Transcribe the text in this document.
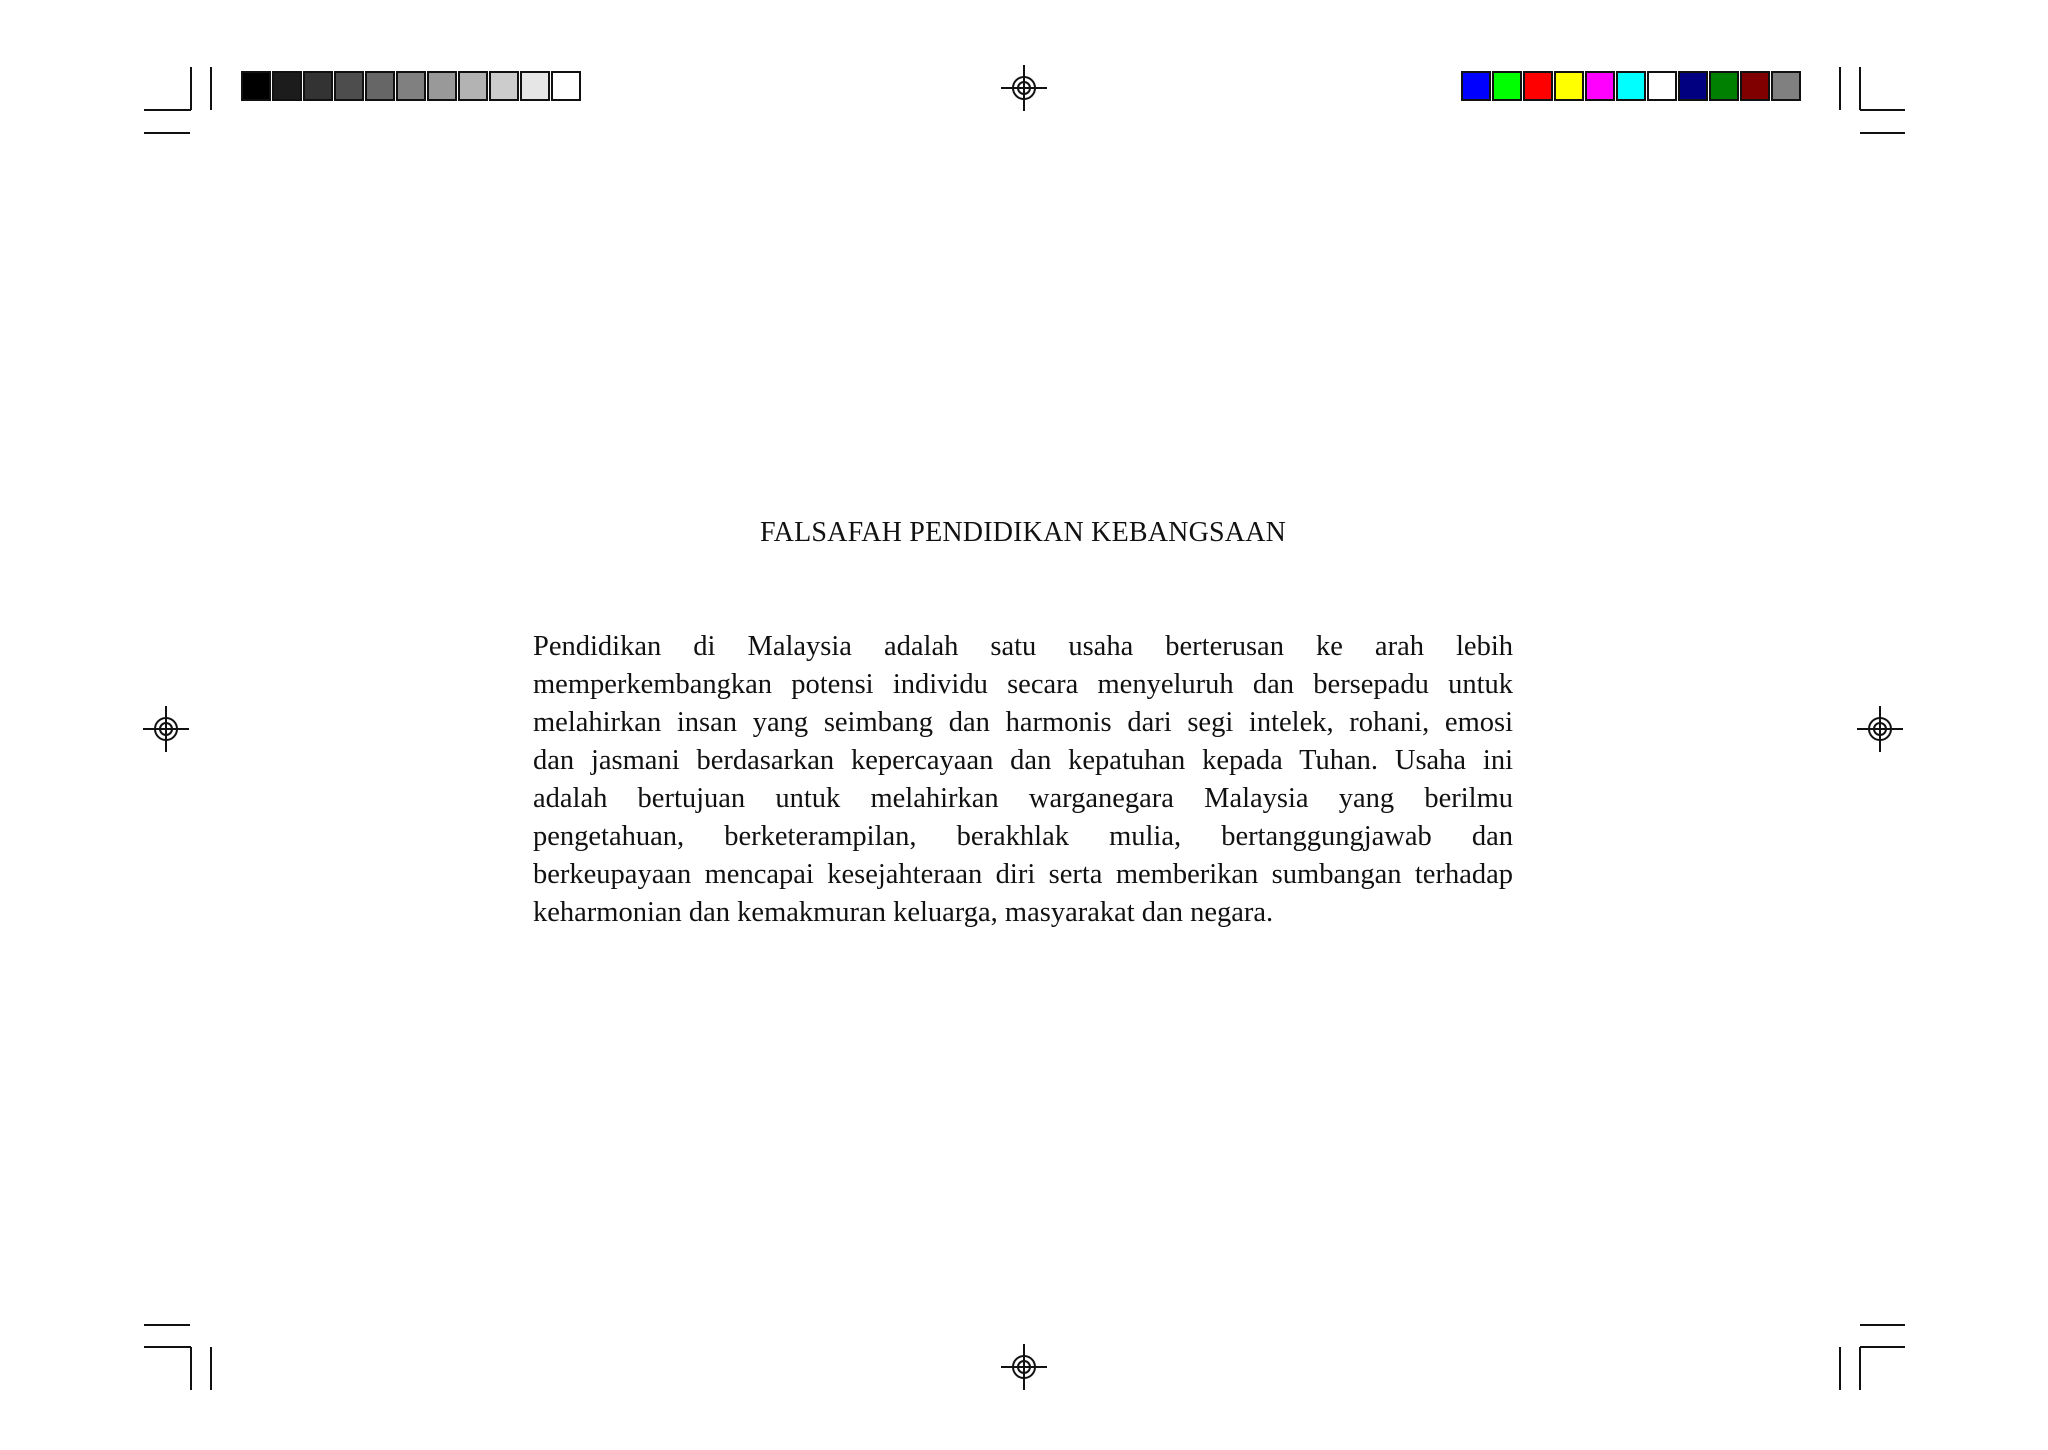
FALSAFAH PENDIDIKAN KEBANGSAAN
Pendidikan di Malaysia adalah satu usaha berterusan ke arah lebih
memperkembangkan potensi individu secara menyeluruh dan bersepadu untuk
melahirkan insan yang seimbang dan harmonis dari segi intelek, rohani, emosi
dan jasmani berdasarkan kepercayaan dan kepatuhan kepada Tuhan. Usaha ini
adalah bertujuan untuk melahirkan warganegara Malaysia yang berilmu
pengetahuan, berketerampilan, berakhlak mulia, bertanggungjawab dan
berkeupayaan mencapai kesejahteraan diri serta memberikan sumbangan terhadap
keharmonian dan kemakmuran keluarga, masyarakat dan negara.
